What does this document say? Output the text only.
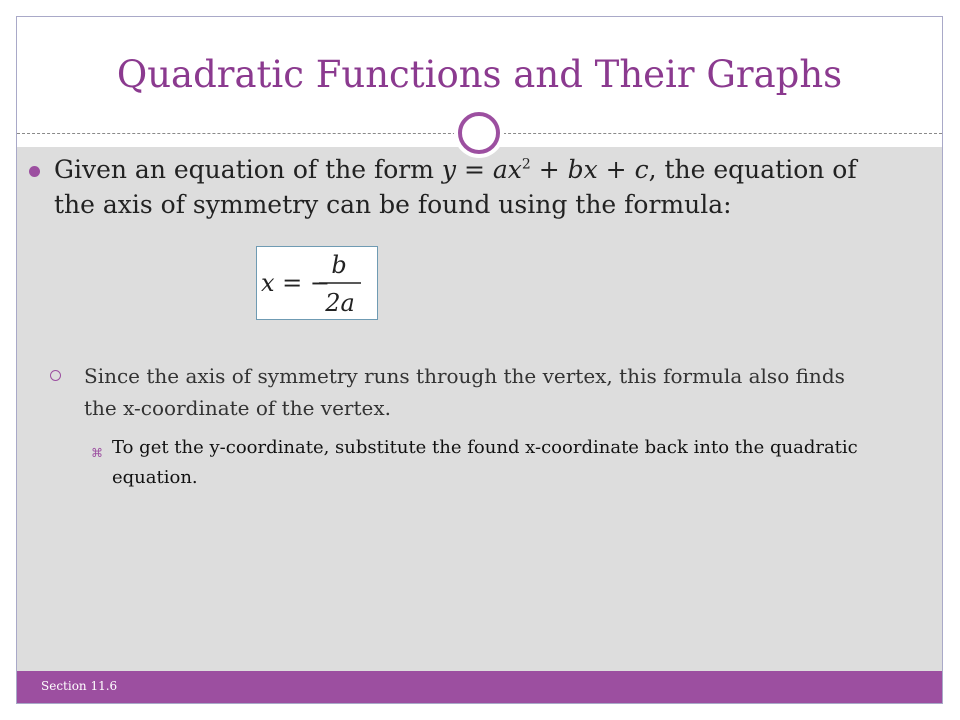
Quadratic Functions and Their Graphs
Section 11.6
Given an equation of the form $y = ax^2$ + bx + c, the equation of the axis of symmetry can be found using the formula:
x = −
b
2a
Since the axis of symmetry runs through the vertex, this formula also finds the x-coordinate of the vertex.
⌘ To get the y-coordinate, substitute the found x-coordinate back into the quadratic equation.
